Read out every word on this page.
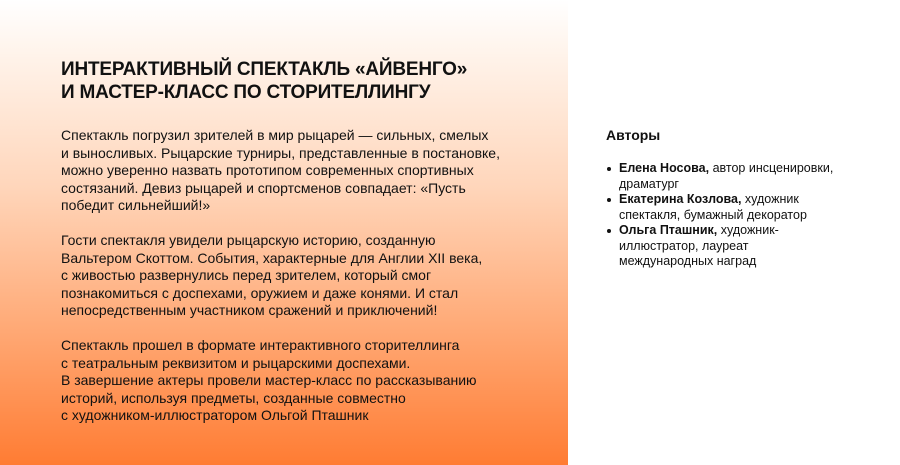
ИНТЕРАКТИВНЫЙ СПЕКТАКЛЬ «АЙВЕНГО»
И МАСТЕР-КЛАСС ПО СТОРИТЕЛЛИНГУ

Спектакль погрузил зрителей в мир рыцарей — сильных, смелых
и выносливых. Рыцарские турниры, представленные в постановке,
можно уверенно назвать прототипом современных спортивных
состязаний. Девиз рыцарей и спортсменов совпадает: «Пусть
победит сильнейший!»

Гости спектакля увидели рыцарскую историю, созданную
Вальтером Скоттом. События, характерные для Англии XII века,
с живостью развернулись перед зрителем, который смог
познакомиться с доспехами, оружием и даже конями. И стал
непосредственным участником сражений и приключений!

Спектакль прошел в формате интерактивного сторителлинга
с театральным реквизитом и рыцарскими доспехами.
В завершение актеры провели мастер-класс по рассказыванию
историй, используя предметы, созданные совместно
с художником-иллюстратором Ольгой Пташник

Авторы
Елена Носова, автор инсценировки,
драматург
Екатерина Козлова, художник
спектакля, бумажный декоратор
Ольга Пташник, художник-
иллюстратор, лауреат
международных наград
